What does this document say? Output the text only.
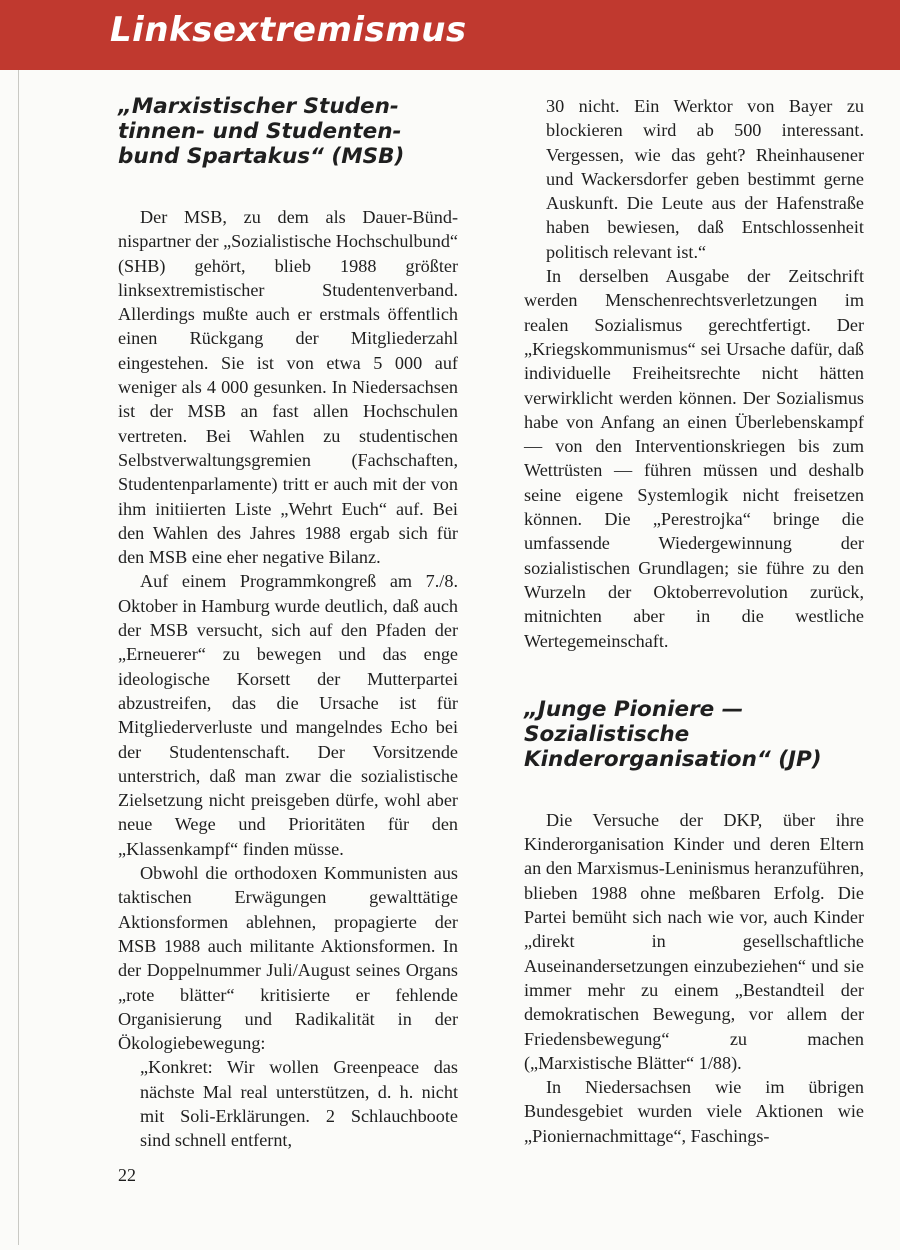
Linksextremismus
„Marxistischer Studen-
tinnen- und Studenten-
bund Spartakus“ (MSB)

Der MSB, zu dem als Dauer-Bündnispartner der „Sozialistische Hochschulbund“ (SHB) gehört, blieb 1988 größter linksextremistischer Studentenverband. Allerdings mußte auch er erstmals öffentlich einen Rückgang der Mitgliederzahl eingestehen. Sie ist von etwa 5 000 auf weniger als 4 000 gesunken. In Niedersachsen ist der MSB an fast allen Hochschulen vertreten. Bei Wahlen zu studentischen Selbstverwaltungsgremien (Fachschaften, Studentenparlamente) tritt er auch mit der von ihm initiierten Liste „Wehrt Euch“ auf. Bei den Wahlen des Jahres 1988 ergab sich für den MSB eine eher negative Bilanz.

Auf einem Programmkongreß am 7./8. Oktober in Hamburg wurde deutlich, daß auch der MSB versucht, sich auf den Pfaden der „Erneuerer“ zu bewegen und das enge ideologische Korsett der Mutterpartei abzustreifen, das die Ursache ist für Mitgliederverluste und mangelndes Echo bei der Studentenschaft. Der Vorsitzende unterstrich, daß man zwar die sozialistische Zielsetzung nicht preisgeben dürfe, wohl aber neue Wege und Prioritäten für den „Klassenkampf“ finden müsse.

Obwohl die orthodoxen Kommunisten aus taktischen Erwägungen gewalttätige Aktionsformen ablehnen, propagierte der MSB 1988 auch militante Aktionsformen. In der Doppelnummer Juli/August seines Organs „rote blätter“ kritisierte er fehlende Organisierung und Radikalität in der Ökologiebewegung:

„Konkret: Wir wollen Greenpeace das nächste Mal real unterstützen, d. h. nicht mit Soli-Erklärungen. 2 Schlauchboote sind schnell entfernt,

30 nicht. Ein Werktor von Bayer zu blockieren wird ab 500 interessant. Vergessen, wie das geht? Rheinhausener und Wackersdorfer geben bestimmt gerne Auskunft. Die Leute aus der Hafenstraße haben bewiesen, daß Entschlossenheit politisch relevant ist.“

In derselben Ausgabe der Zeitschrift werden Menschenrechtsverletzungen im realen Sozialismus gerechtfertigt. Der „Kriegskommunismus“ sei Ursache dafür, daß individuelle Freiheitsrechte nicht hätten verwirklicht werden können. Der Sozialismus habe von Anfang an einen Überlebenskampf — von den Interventionskriegen bis zum Wettrüsten — führen müssen und deshalb seine eigene Systemlogik nicht freisetzen können. Die „Perestrojka“ bringe die umfassende Wiedergewinnung der sozialistischen Grundlagen; sie führe zu den Wurzeln der Oktoberrevolution zurück, mitnichten aber in die westliche Wertegemeinschaft.

„Junge Pioniere —
Sozialistische
Kinderorganisation“ (JP)

Die Versuche der DKP, über ihre Kinderorganisation Kinder und deren Eltern an den Marxismus-Leninismus heranzuführen, blieben 1988 ohne meßbaren Erfolg. Die Partei bemüht sich nach wie vor, auch Kinder „direkt in gesellschaftliche Auseinandersetzungen einzubeziehen“ und sie immer mehr zu einem „Bestandteil der demokratischen Bewegung, vor allem der Friedensbewegung“ zu machen („Marxistische Blätter“ 1/88).

In Niedersachsen wie im übrigen Bundesgebiet wurden viele Aktionen wie „Pioniernachmittage“, Faschings-

22
